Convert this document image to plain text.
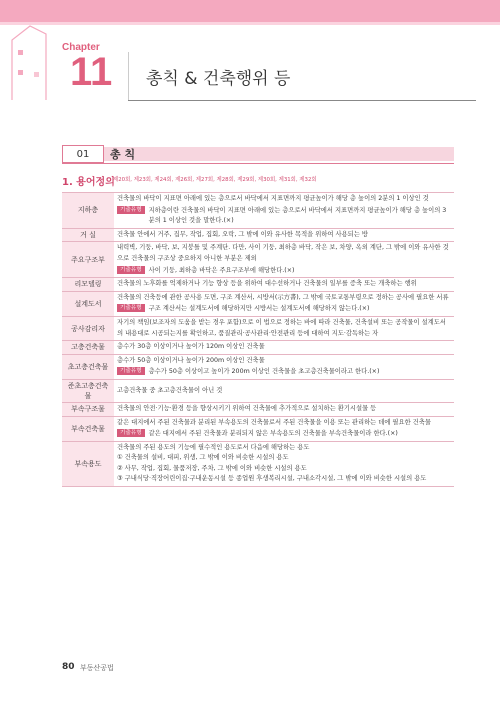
Chapter
11 총칙 & 건축행위 등
01	총 칙
1. 용어정의
제20회, 제23회, 제24회, 제26회, 제27회, 제28회, 제29회, 제30회, 제31회, 제32회
지하층	건축물의 바닥이 지표면 아래에 있는 층으로서 바닥에서 지표면까지 평균높이가 해당 층 높이의 2분의 1 이상인 것
기출유형 지하층이란 건축물의 바닥이 지표면 아래에 있는 층으로서 바닥에서 지표면까지 평균높이가 해당 층 높이의 3분의 1 이상인 것을 말한다.(×)

거 실	건축물 안에서 거주, 집무, 작업, 집회, 오락, 그 밖에 이와 유사한 목적을 위하여 사용되는 방

주요구조부	내력벽, 기둥, 바닥, 보, 지붕틀 및 주계단. 다만, 사이 기둥, 최하층 바닥, 작은 보, 차양, 옥외 계단, 그 밖에 이와 유사한 것으로 건축물의 구조상 중요하지 아니한 부분은 제외
기출유형 사이 기둥, 최하층 바닥은 주요구조부에 해당한다.(×)

리모델링	건축물의 노후화를 억제하거나 기능 향상 등을 위하여 대수선하거나 건축물의 일부를 증축 또는 개축하는 행위

설계도서	건축물의 건축등에 관한 공사용 도면, 구조 계산서, 시방서(示方書), 그 밖에 국토교통부령으로 정하는 공사에 필요한 서류
기출유형 구조 계산서는 설계도서에 해당하지만 시방서는 설계도서에 해당하지 않는다.(×)

공사감리자	자기의 책임(보조자의 도움을 받는 경우 포함)으로 이 법으로 정하는 바에 따라 건축물, 건축설비 또는 공작물이 설계도서의 내용대로 시공되는지를 확인하고, 품질관리·공사관리·안전관리 등에 대하여 지도·감독하는 자

고층건축물	층수가 30층 이상이거나 높이가 120m 이상인 건축물

초고층건축물	층수가 50층 이상이거나 높이가 200m 이상인 건축물
기출유형 층수가 50층 이상이고 높이가 200m 이상인 건축물을 초고층건축물이라고 한다.(×)

준초고층건축물	고층건축물 중 초고층건축물이 아닌 것

부속구조물	건축물의 안전·기능·환경 등을 향상시키기 위하여 건축물에 추가적으로 설치하는 환기시설물 등

부속건축물	같은 대지에서 주된 건축물과 분리된 부속용도의 건축물로서 주된 건축물을 이용 또는 관리하는 데에 필요한 건축물
기출유형 같은 대지에서 주된 건축물과 분리되지 않은 부속용도의 건축물을 부속건축물이라 한다.(×)

부속용도	건축물의 주된 용도의 기능에 필수적인 용도로서 다음에 해당하는 용도
① 건축물의 설비, 대피, 위생, 그 밖에 이와 비슷한 시설의 용도
② 사무, 작업, 집회, 물품저장, 주차, 그 밖에 이와 비슷한 시설의 용도
③ 구내식당·직장어린이집·구내운동시설 등 종업원 후생복리시설, 구내소각시설, 그 밖에 이와 비슷한 시설의 용도
80 부동산공법
